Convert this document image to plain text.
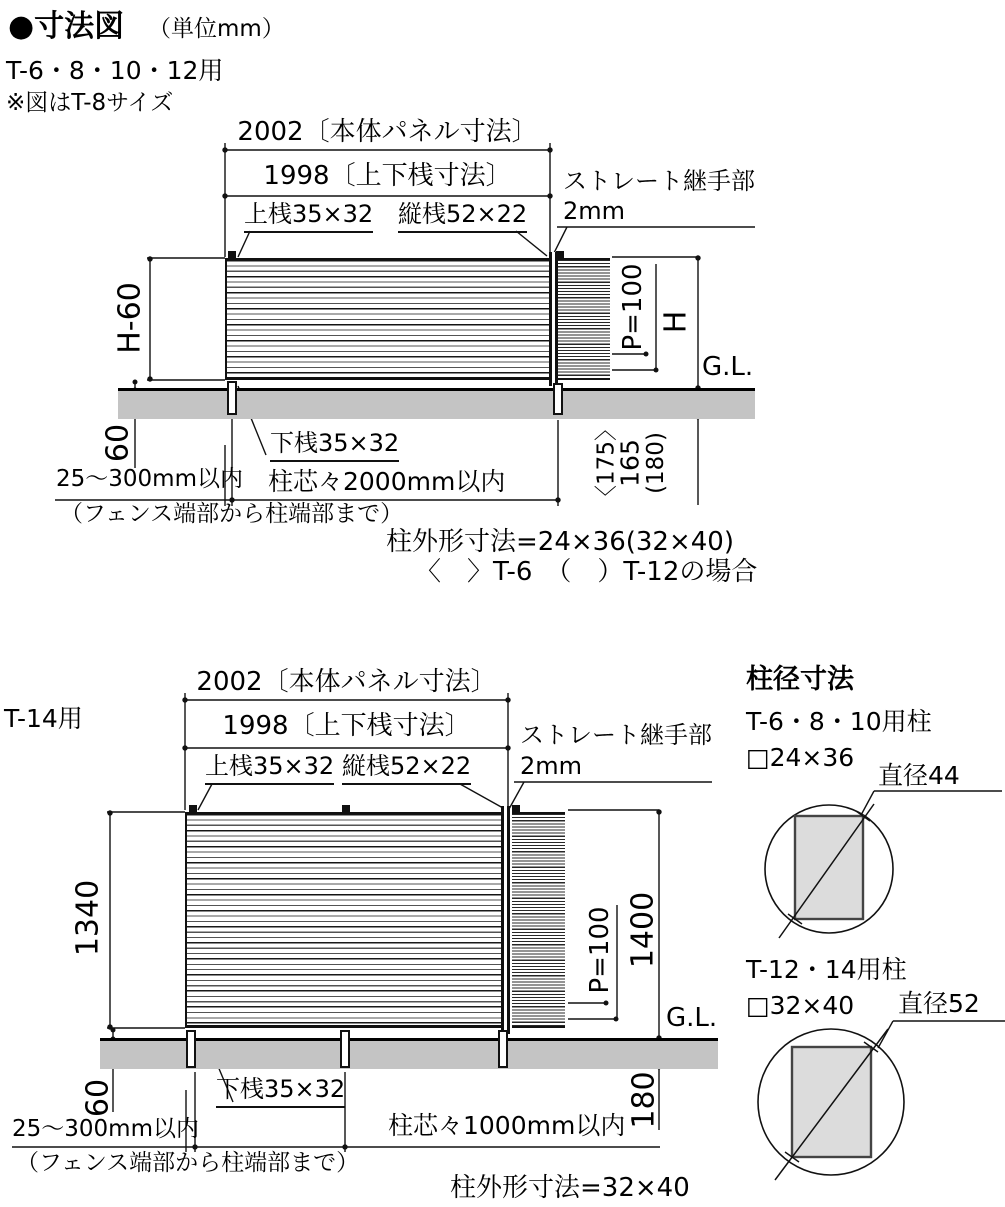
●寸法図 （単位mm）
T-6・8・10・12用
※図はT-8サイズ
2002〔本体パネル寸法〕
1998〔上下桟寸法〕
上桟35×32 縦桟52×22
ストレート継手部
2mm
H-60	P=100 H
G.L.
60	〈175〉
165
(180)
25〜300mm以内
下桟35×32
柱芯々2000mm以内
（フェンス端部から柱端部まで）
柱外形寸法=24×36(32×40)
〈　〉T-6　（　）T-12の場合
T-14用
2002〔本体パネル寸法〕
1998〔上下桟寸法〕
上桟35×32 縦桟52×22
ストレート継手部
2mm
1340	P=100 1400
G.L.
60	180
25〜300mm以内
下桟35×32
柱芯々1000mm以内
（フェンス端部から柱端部まで）
柱外形寸法=32×40
柱径寸法
T-6・8・10用柱
□24×36
直径44
T-12・14用柱
□32×40 直径52
